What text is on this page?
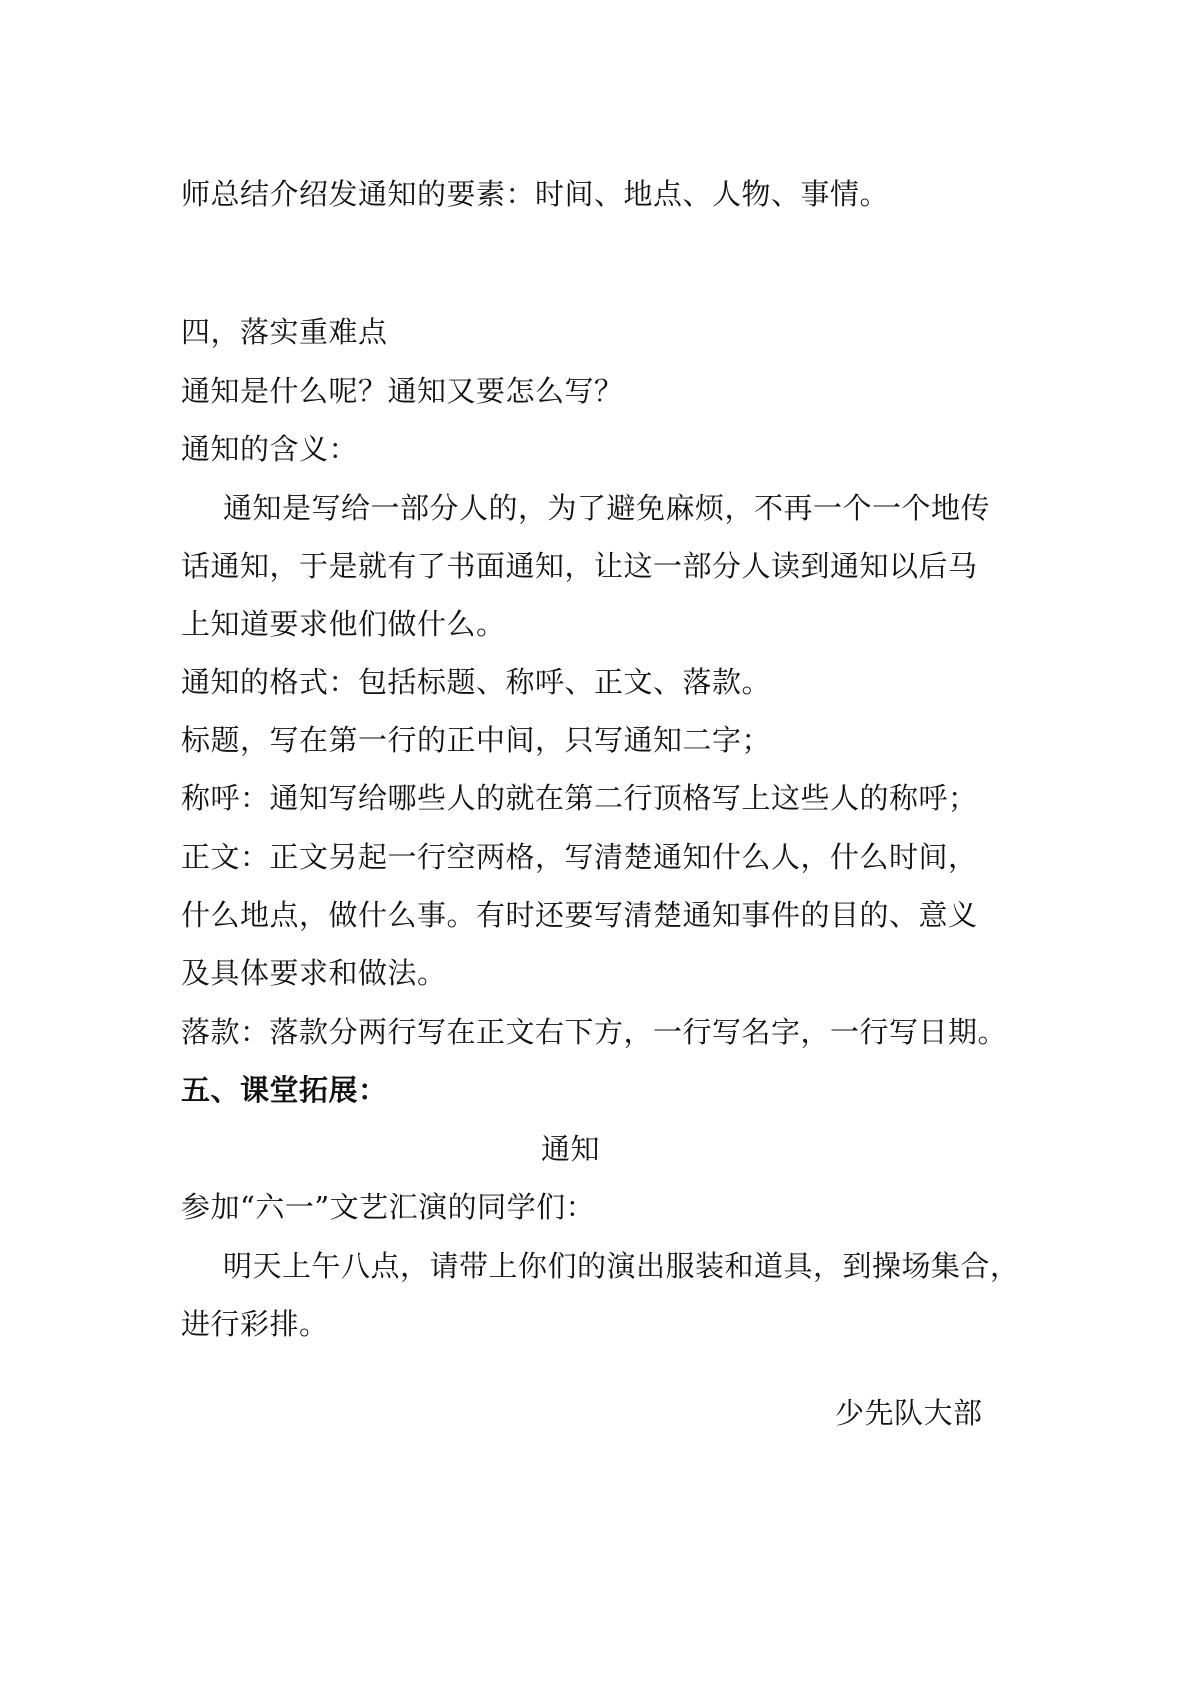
师总结介绍发通知的要素：时间、地点、人物、事情。
四，落实重难点
通知是什么呢？通知又要怎么写？
通知的含义：
通知是写给一部分人的，为了避免麻烦，不再一个一个地传
话通知，于是就有了书面通知，让这一部分人读到通知以后马
上知道要求他们做什么。
通知的格式：包括标题、称呼、正文、落款。
标题，写在第一行的正中间，只写通知二字；
称呼：通知写给哪些人的就在第二行顶格写上这些人的称呼；
正文：正文另起一行空两格，写清楚通知什么人，什么时间，
什么地点，做什么事。有时还要写清楚通知事件的目的、意义
及具体要求和做法。
落款：落款分两行写在正文右下方，一行写名字，一行写日期。
五、课堂拓展：
通知
参加“六一”文艺汇演的同学们：
明天上午八点，请带上你们的演出服装和道具，到操场集合，
进行彩排。
少先队大部
